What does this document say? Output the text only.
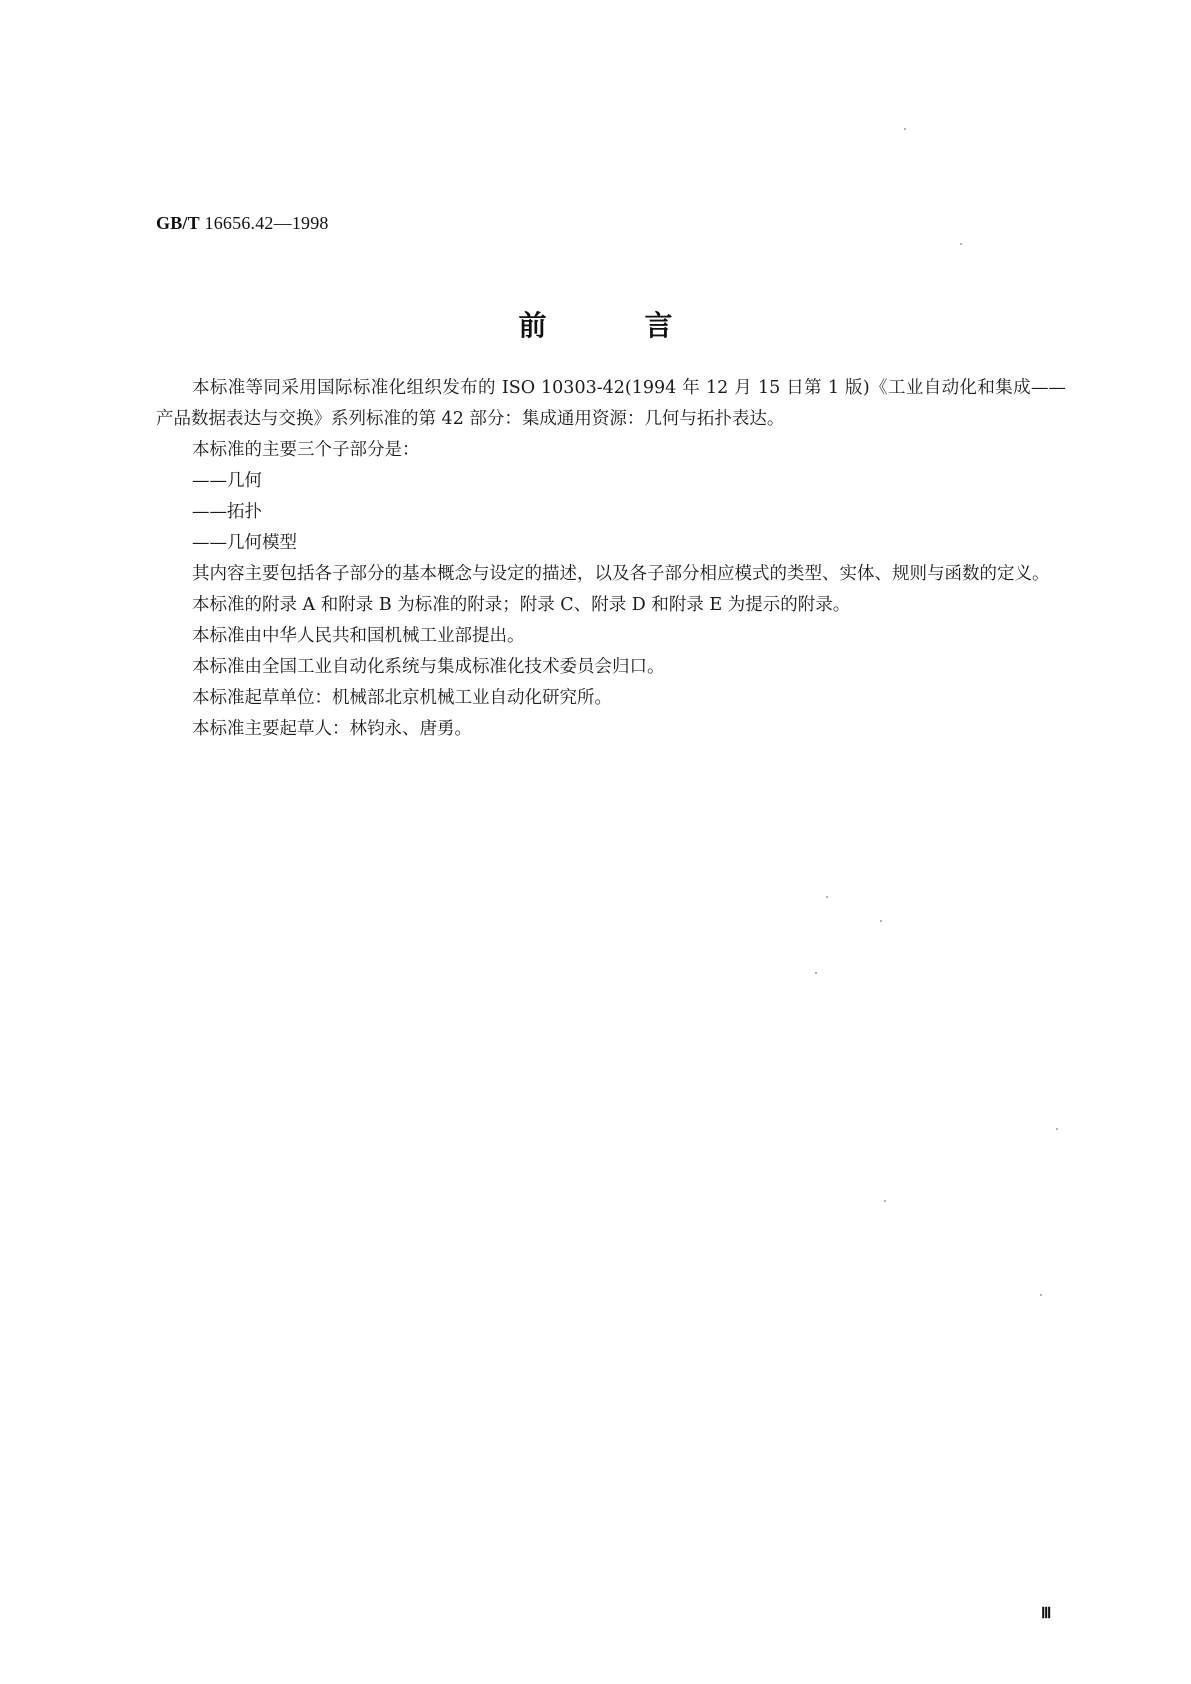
GB/T 16656.42—1998
前言

本标准等同采用国际标准化组织发布的 ISO 10303-42(1994 年 12 月 15 日第 1 版)《工业自动化和集成——产品数据表达与交换》系列标准的第 42 部分：集成通用资源：几何与拓扑表达。

本标准的主要三个子部分是：

——几何

——拓扑

——几何模型

其内容主要包括各子部分的基本概念与设定的描述，以及各子部分相应模式的类型、实体、规则与函数的定义。

本标准的附录 A 和附录 B 为标准的附录；附录 C、附录 D 和附录 E 为提示的附录。

本标准由中华人民共和国机械工业部提出。

本标准由全国工业自动化系统与集成标准化技术委员会归口。

本标准起草单位：机械部北京机械工业自动化研究所。

本标准主要起草人：林钧永、唐勇。

Ⅲ
